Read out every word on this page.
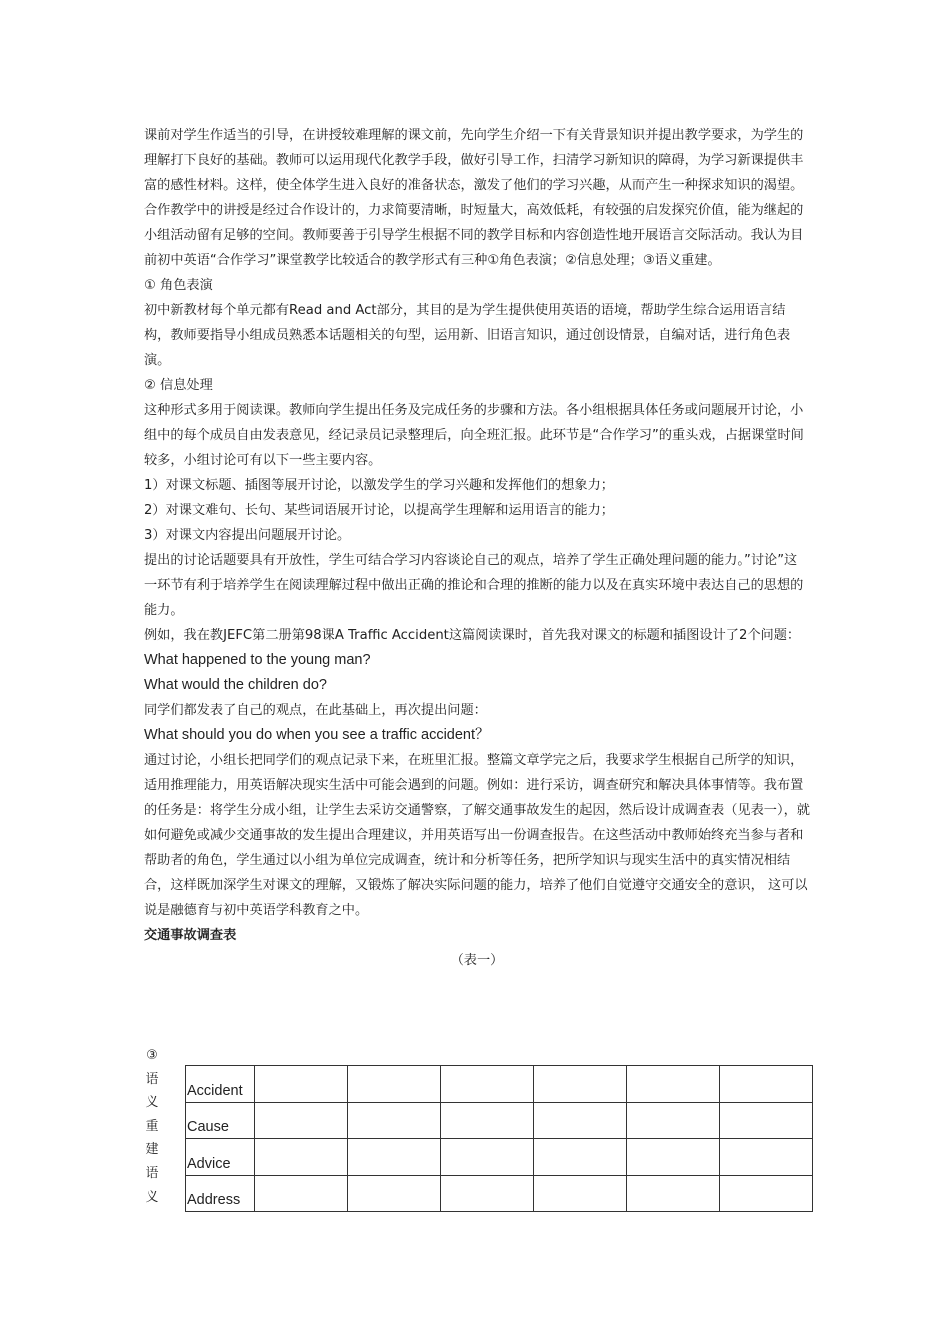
课前对学生作适当的引导，在讲授较难理解的课文前，先向学生介绍一下有关背景知识并提出教学要求，为学生的理解打下良好的基础。教师可以运用现代化教学手段，做好引导工作，扫清学习新知识的障碍，为学习新课提供丰富的感性材料。这样，使全体学生进入良好的准备状态，激发了他们的学习兴趣，从而产生一种探求知识的渴望。

合作教学中的讲授是经过合作设计的，力求简要清晰，时短量大，高效低耗，有较强的启发探究价值，能为继起的小组活动留有足够的空间。教师要善于引导学生根据不同的教学目标和内容创造性地开展语言交际活动。我认为目前初中英语“合作学习”课堂教学比较适合的教学形式有三种①角色表演；②信息处理；③语义重建。

① 角色表演

初中新教材每个单元都有Read and Act部分，其目的是为学生提供使用英语的语境，帮助学生综合运用语言结构，教师要指导小组成员熟悉本话题相关的句型，运用新、旧语言知识，通过创设情景，自编对话，进行角色表演。

② 信息处理

这种形式多用于阅读课。教师向学生提出任务及完成任务的步骤和方法。各小组根据具体任务或问题展开讨论，小组中的每个成员自由发表意见，经记录员记录整理后，向全班汇报。此环节是“合作学习”的重头戏，占据课堂时间较多，小组讨论可有以下一些主要内容。

1）对课文标题、插图等展开讨论，以激发学生的学习兴趣和发挥他们的想象力；

2）对课文难句、长句、某些词语展开讨论，以提高学生理解和运用语言的能力；

3）对课文内容提出问题展开讨论。

提出的讨论话题要具有开放性，学生可结合学习内容谈论自己的观点，培养了学生正确处理问题的能力。”讨论”这一环节有利于培养学生在阅读理解过程中做出正确的推论和合理的推断的能力以及在真实环境中表达自己的思想的能力。

例如，我在教JEFC第二册第98课A Traffic Accident这篇阅读课时，首先我对课文的标题和插图设计了2个问题：

What happened to the young man?

What would the children do?

同学们都发表了自己的观点，在此基础上，再次提出问题：

What should you do when you see a traffic accident？

通过讨论，小组长把同学们的观点记录下来，在班里汇报。整篇文章学完之后，我要求学生根据自己所学的知识，适用推理能力，用英语解决现实生活中可能会遇到的问题。例如：进行采访，调查研究和解决具体事情等。我布置的任务是：将学生分成小组，让学生去采访交通警察，了解交通事故发生的起因，然后设计成调查表（见表一），就如何避免或减少交通事故的发生提出合理建议，并用英语写出一份调查报告。在这些活动中教师始终充当参与者和帮助者的角色，学生通过以小组为单位完成调查，统计和分析等任务，把所学知识与现实生活中的真实情况相结合，这样既加深学生对课文的理解，又锻炼了解决实际问题的能力，培养了他们自觉遵守交通安全的意识， 这可以说是融德育与初中英语学科教育之中。

交通事故调查表

（表一）

③
语
义
重
建
语
义
Accident						
Cause						
Advice						
Address						
